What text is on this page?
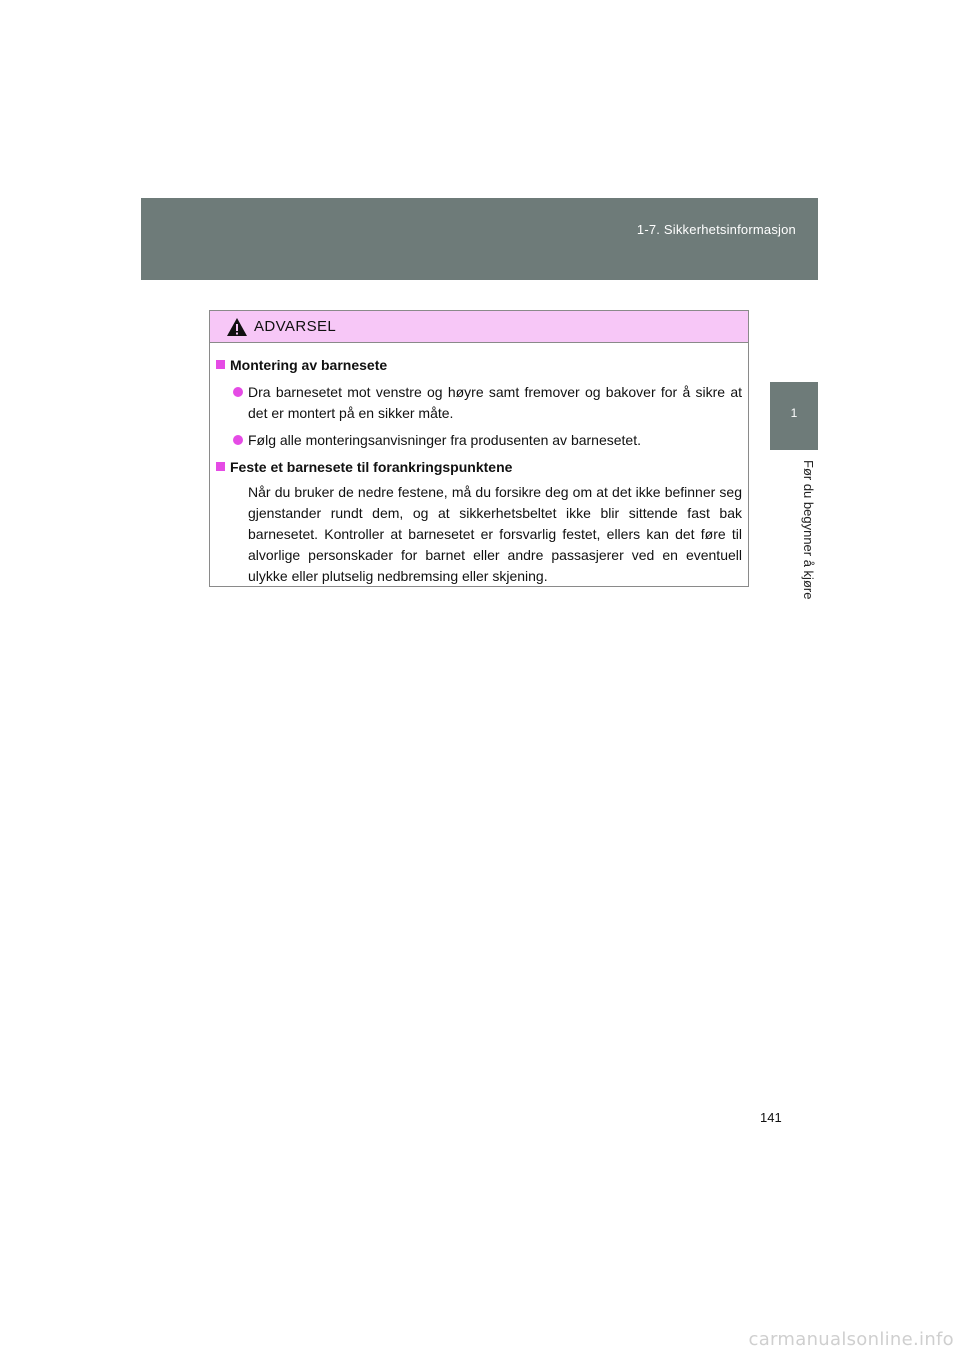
1-7. Sikkerhetsinformasjon
1
Før du begynner å kjøre
ADVARSEL
Montering av barnesete
Dra barnesetet mot venstre og høyre samt fremover og bakover for å sikre at det er montert på en sikker måte.
Følg alle monteringsanvisninger fra produsenten av barnesetet.
Feste et barnesete til forankringspunktene
Når du bruker de nedre festene, må du forsikre deg om at det ikke befinner seg gjenstander rundt dem, og at sikkerhetsbeltet ikke blir sittende fast bak barnesetet. Kontroller at barnesetet er forsvarlig festet, ellers kan det føre til alvorlige personskader for barnet eller andre passasjerer ved en eventuell ulykke eller plutselig nedbremsing eller skjening.
141
carmanualsonline.info
